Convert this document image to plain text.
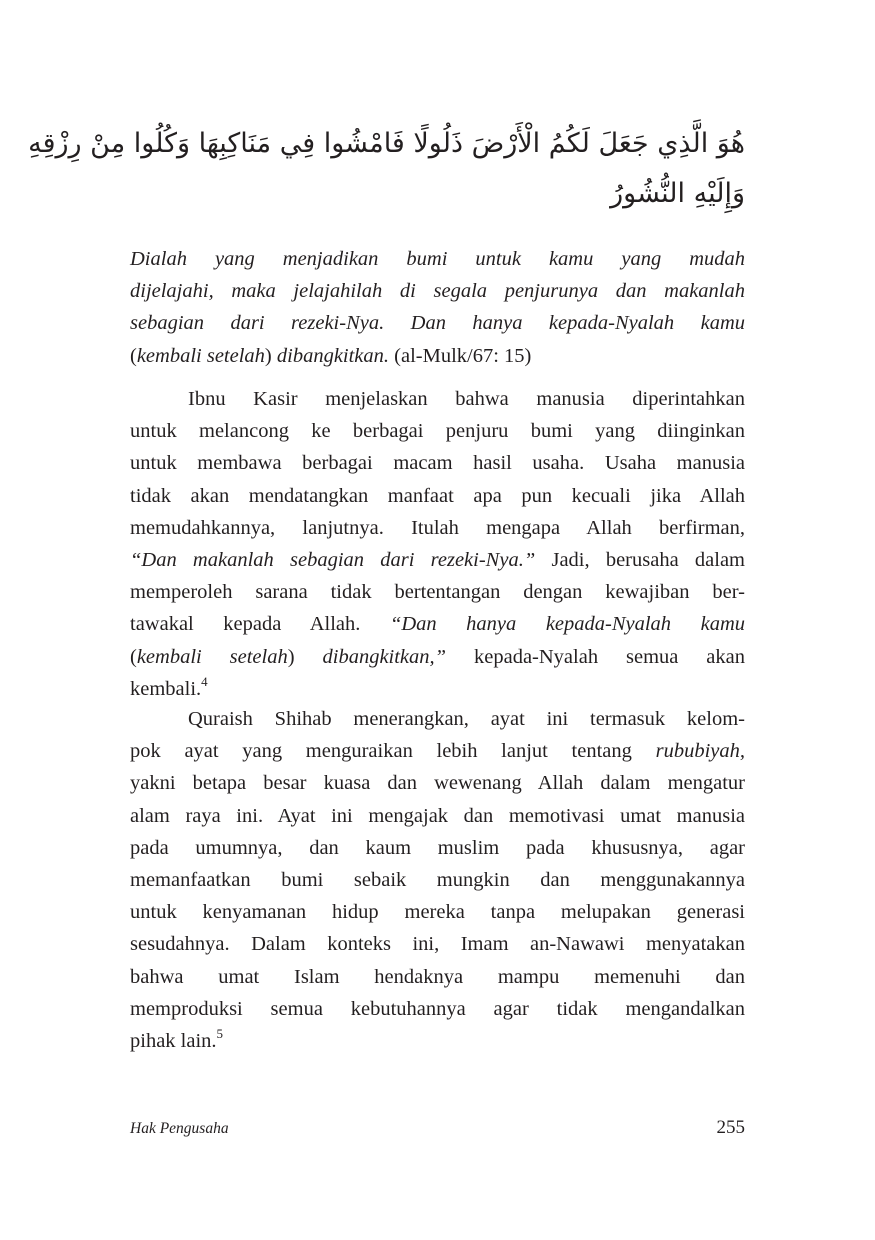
هُوَ الَّذِي جَعَلَ لَكُمُ الْأَرْضَ ذَلُولًا فَامْشُوا فِي مَنَاكِبِهَا وَكُلُوا مِنْ رِزْقِهِ
وَإِلَيْهِ النُّشُورُ
Dialah yang menjadikan bumi untuk kamu yang mudah
dijelajahi, maka jelajahilah di segala penjurunya dan makanlah
sebagian dari rezeki-Nya. Dan hanya kepada-Nyalah kamu
(kembali setelah) dibangkitkan. (al-Mulk/67: 15)
Ibnu Kasir menjelaskan bahwa manusia diperintahkan
untuk melancong ke berbagai penjuru bumi yang diinginkan
untuk membawa berbagai macam hasil usaha. Usaha manusia
tidak akan mendatangkan manfaat apa pun kecuali jika Allah
memudahkannya, lanjutnya. Itulah mengapa Allah berfirman,
“Dan makanlah sebagian dari rezeki-Nya.” Jadi, berusaha dalam
memperoleh sarana tidak bertentangan dengan kewajiban ber-
tawakal kepada Allah. “Dan hanya kepada-Nyalah kamu
(kembali setelah) dibangkitkan,” kepada-Nyalah semua akan
kembali.$^4$
Quraish Shihab menerangkan, ayat ini termasuk kelom-
pok ayat yang menguraikan lebih lanjut tentang rububiyah,
yakni betapa besar kuasa dan wewenang Allah dalam mengatur
alam raya ini. Ayat ini mengajak dan memotivasi umat manusia
pada umumnya, dan kaum muslim pada khususnya, agar
memanfaatkan bumi sebaik mungkin dan menggunakannya
untuk kenyamanan hidup mereka tanpa melupakan generasi
sesudahnya. Dalam konteks ini, Imam an-Nawawi menyatakan
bahwa umat Islam hendaknya mampu memenuhi dan
memproduksi semua kebutuhannya agar tidak mengandalkan
pihak lain.$^5$
Hak Pengusaha	255
